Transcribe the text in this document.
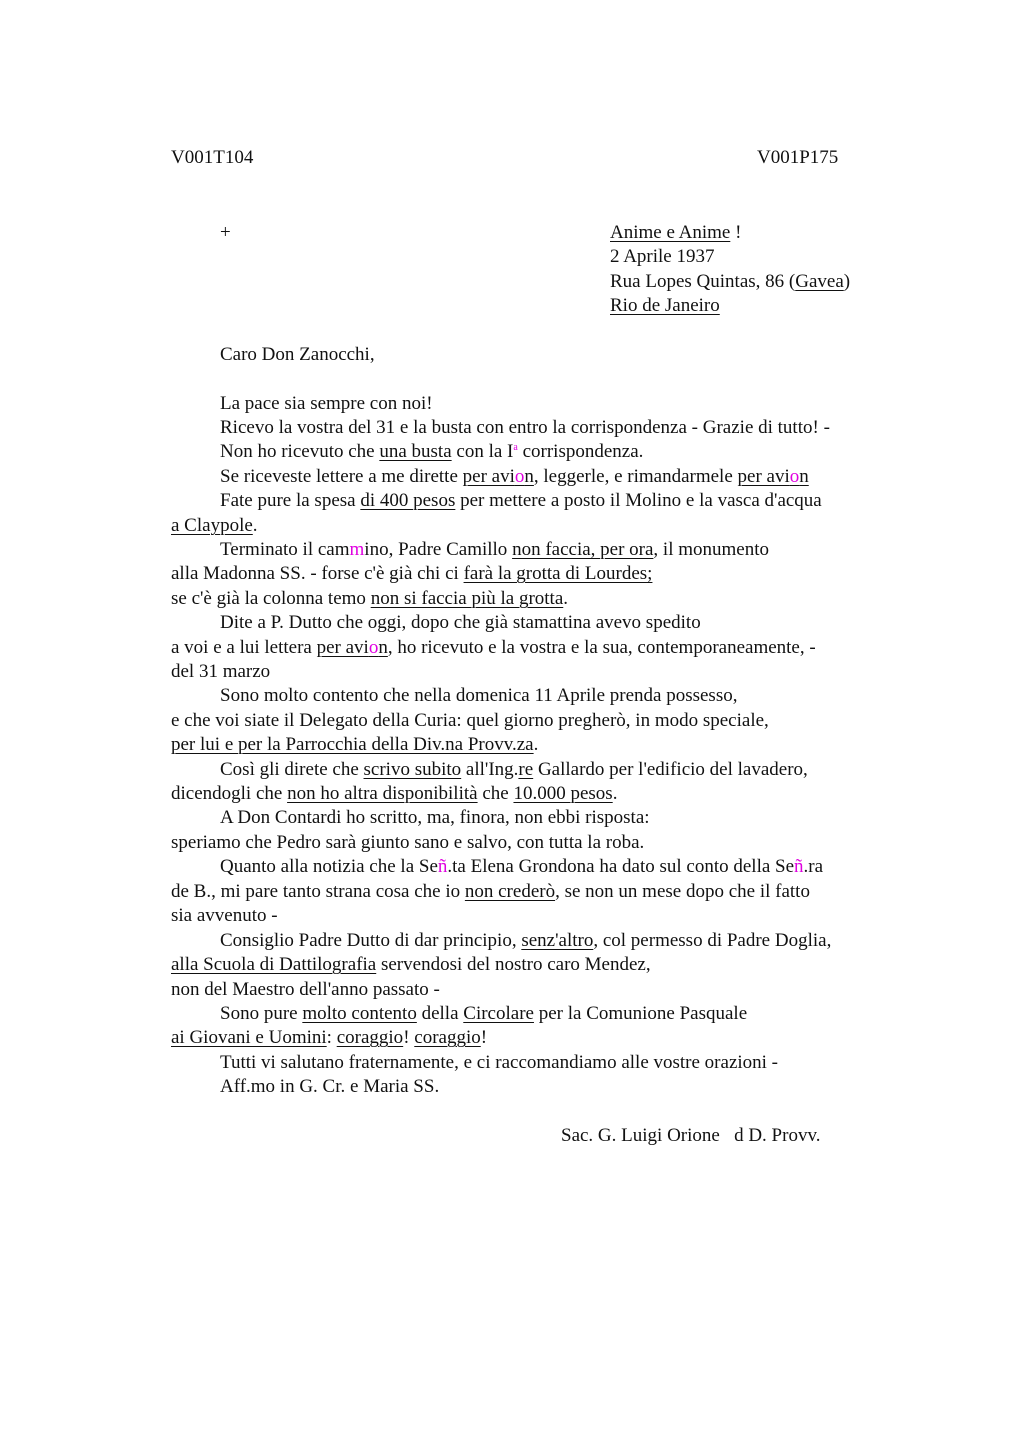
V001T104	V001P175
+	Anime e Anime !
2 Aprile 1937
Rua Lopes Quintas, 86 (Gavea)
Rio de Janeiro
Caro Don Zanocchi,
La pace sia sempre con noi!
Ricevo la vostra del 31 e la busta con entro la corrispondenza - Grazie di tutto! -
Non ho ricevuto che una busta con la $I^a$ corrispondenza.
Se riceveste lettere a me dirette per avion, leggerle, e rimandarmele per avion
Fate pure la spesa di 400 pesos per mettere a posto il Molino e la vasca d'acqua
a Claypole.
Terminato il cammino, Padre Camillo non faccia, per ora, il monumento
alla Madonna SS. - forse c'è già chi ci farà la grotta di Lourdes;
se c'è già la colonna temo non si faccia più la grotta.
Dite a P. Dutto che oggi, dopo che già stamattina avevo spedito
a voi e a lui lettera per avion, ho ricevuto e la vostra e la sua, contemporaneamente, -
del 31 marzo
Sono molto contento che nella domenica 11 Aprile prenda possesso,
e che voi siate il Delegato della Curia: quel giorno pregherò, in modo speciale,
per lui e per la Parrocchia della Div.na Provv.za.
Così gli direte che scrivo subito all'Ing.re Gallardo per l'edificio del lavadero,
dicendogli che non ho altra disponibilità che 10.000 pesos.
A Don Contardi ho scritto, ma, finora, non ebbi risposta:
speriamo che Pedro sarà giunto sano e salvo, con tutta la roba.
Quanto alla notizia che la Señ.ta Elena Grondona ha dato sul conto della Señ.ra
de B., mi pare tanto strana cosa che io non crederò, se non un mese dopo che il fatto
sia avvenuto -
Consiglio Padre Dutto di dar principio, senz'altro, col permesso di Padre Doglia,
alla Scuola di Dattilografia servendosi del nostro caro Mendez,
non del Maestro dell'anno passato -
Sono pure molto contento della Circolare per la Comunione Pasquale
ai Giovani e Uomini: coraggio! coraggio!
Tutti vi salutano fraternamente, e ci raccomandiamo alle vostre orazioni -
Aff.mo in G. Cr. e Maria SS.
Sac. G. Luigi Orione   d D. Provv.
